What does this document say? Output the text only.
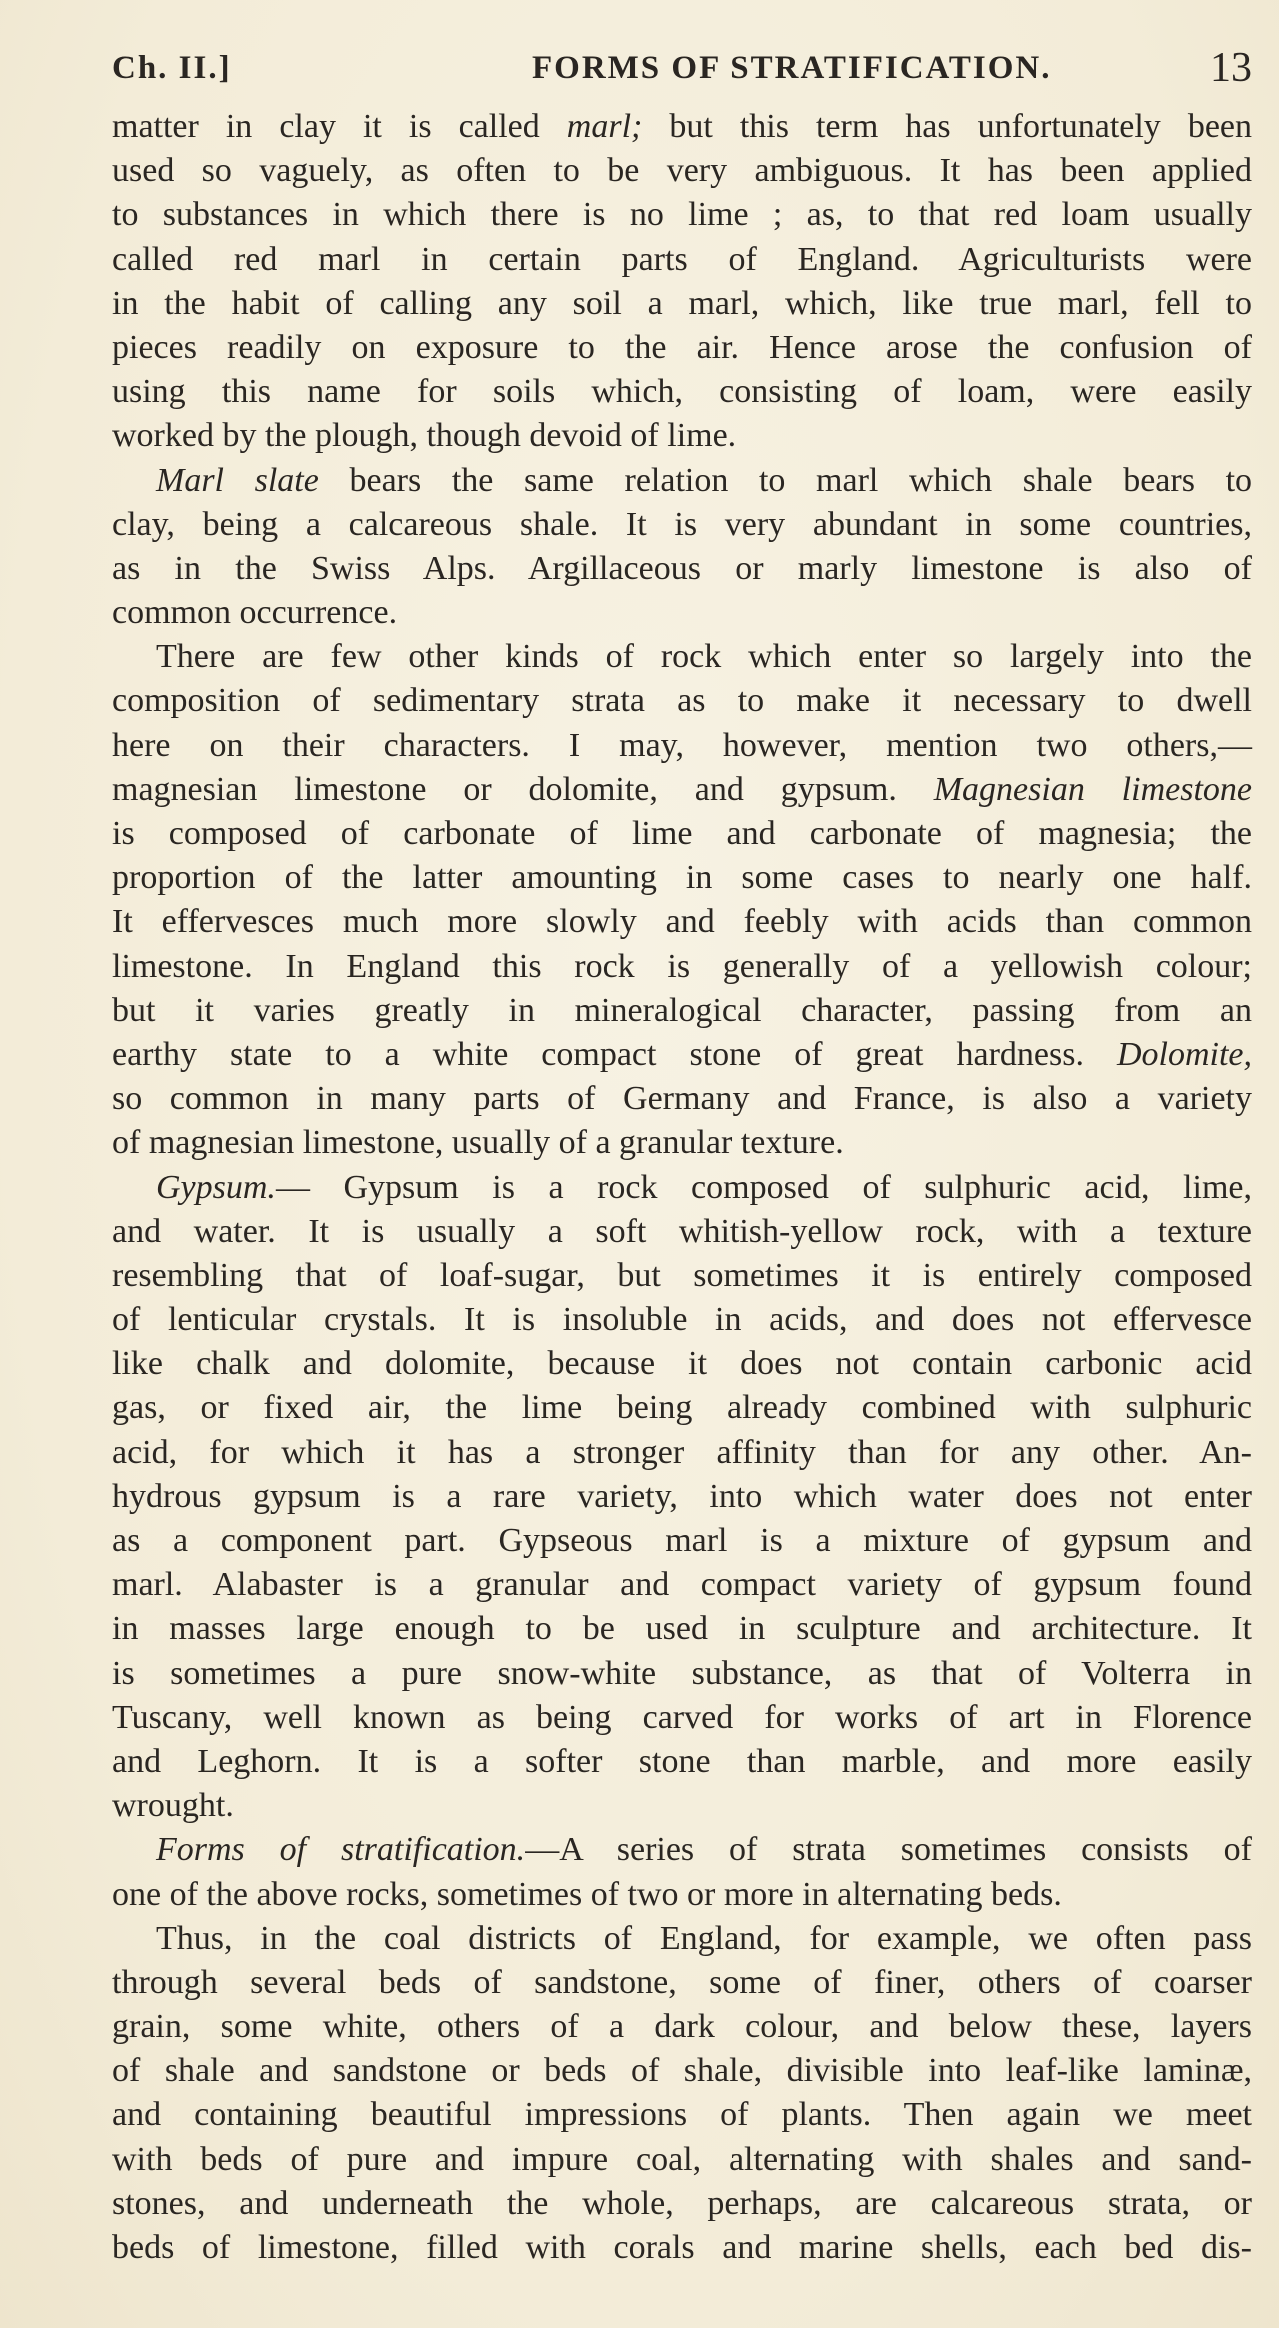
Ch. II.]	FORMS OF STRATIFICATION.	13
matter in clay it is called marl; but this term has unfortunately been
used so vaguely, as often to be very ambiguous. It has been applied
to substances in which there is no lime ; as, to that red loam usually
called red marl in certain parts of England. Agriculturists were
in the habit of calling any soil a marl, which, like true marl, fell to
pieces readily on exposure to the air. Hence arose the confusion of
using this name for soils which, consisting of loam, were easily
worked by the plough, though devoid of lime.
Marl slate bears the same relation to marl which shale bears to
clay, being a calcareous shale. It is very abundant in some countries,
as in the Swiss Alps. Argillaceous or marly limestone is also of
common occurrence.
There are few other kinds of rock which enter so largely into the
composition of sedimentary strata as to make it necessary to dwell
here on their characters. I may, however, mention two others,—
magnesian limestone or dolomite, and gypsum. Magnesian limestone
is composed of carbonate of lime and carbonate of magnesia; the
proportion of the latter amounting in some cases to nearly one half.
It effervesces much more slowly and feebly with acids than common
limestone. In England this rock is generally of a yellowish colour;
but it varies greatly in mineralogical character, passing from an
earthy state to a white compact stone of great hardness. Dolomite,
so common in many parts of Germany and France, is also a variety
of magnesian limestone, usually of a granular texture.
Gypsum.— Gypsum is a rock composed of sulphuric acid, lime,
and water. It is usually a soft whitish-yellow rock, with a texture
resembling that of loaf-sugar, but sometimes it is entirely composed
of lenticular crystals. It is insoluble in acids, and does not effervesce
like chalk and dolomite, because it does not contain carbonic acid
gas, or fixed air, the lime being already combined with sulphuric
acid, for which it has a stronger affinity than for any other. An-
hydrous gypsum is a rare variety, into which water does not enter
as a component part. Gypseous marl is a mixture of gypsum and
marl. Alabaster is a granular and compact variety of gypsum found
in masses large enough to be used in sculpture and architecture. It
is sometimes a pure snow-white substance, as that of Volterra in
Tuscany, well known as being carved for works of art in Florence
and Leghorn. It is a softer stone than marble, and more easily
wrought.
Forms of stratification.—A series of strata sometimes consists of
one of the above rocks, sometimes of two or more in alternating beds.
Thus, in the coal districts of England, for example, we often pass
through several beds of sandstone, some of finer, others of coarser
grain, some white, others of a dark colour, and below these, layers
of shale and sandstone or beds of shale, divisible into leaf-like laminæ,
and containing beautiful impressions of plants. Then again we meet
with beds of pure and impure coal, alternating with shales and sand-
stones, and underneath the whole, perhaps, are calcareous strata, or
beds of limestone, filled with corals and marine shells, each bed dis-
